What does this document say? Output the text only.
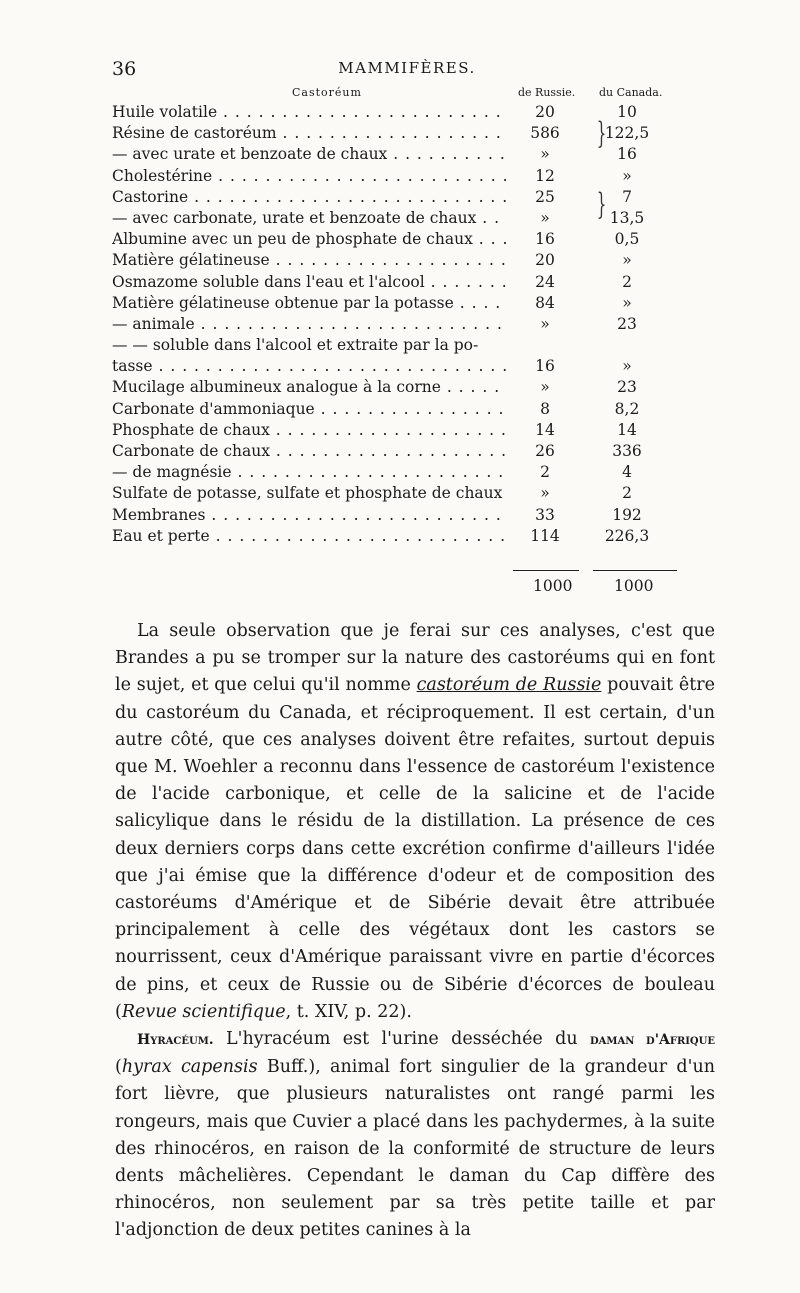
36	MAMMIFÈRES.
Castoréum	de Russie. du Canada.
Huile volatile . . .	20	10
Résine de castoréum . . .	586	122,5
— avec urate et benzoate de chaux . . .	»	16
Cholestérine . . .	12	»
Castorine . . .	25	7
— avec carbonate, urate et benzoate de chaux . . .	»	13,5
Albumine avec un peu de phosphate de chaux . . .	16	0,5
Matière gélatineuse . . .	20	»
Osmazome soluble dans l'eau et l'alcool . . .	24	2
Matière gélatineuse obtenue par la potasse . . .	84	»
— animale . . .	»	23
— — soluble dans l'alcool et extraite par la po-
tasse . . .	16	»
Mucilage albumineux analogue à la corne . . .	»	23
Carbonate d'ammoniaque . . .	8	8,2
Phosphate de chaux . . .	14	14
Carbonate de chaux . . .	26	336
— de magnésie . . .	2	4
Sulfate de potasse, sulfate et phosphate de chaux . . .	»	2
Membranes . . .	33	192
Eau et perte . . .	114	226,3
}
}
1000	1000

La seule observation que je ferai sur ces analyses, c'est que Brandes a pu se tromper sur la nature des castoréums qui en font le sujet, et que celui qu'il nomme castoréum de Russie pouvait être du castoréum du Canada, et réciproquement. Il est certain, d'un autre côté, que ces analyses doivent être refaites, surtout depuis que M. Woehler a reconnu dans l'essence de castoréum l'existence de l'acide carbonique, et celle de la salicine et de l'acide salicylique dans le résidu de la distillation. La présence de ces deux derniers corps dans cette excrétion confirme d'ailleurs l'idée que j'ai émise que la différence d'odeur et de composition des castoréums d'Amérique et de Sibérie devait être attribuée principalement à celle des végétaux dont les castors se nourrissent, ceux d'Amérique paraissant vivre en partie d'écorces de pins, et ceux de Russie ou de Sibérie d'écorces de bouleau (Revue scientifique, t. XIV, p. 22).

Hyracéum. L'hyracéum est l'urine desséchée du daman d'Afrique (hyrax capensis Buff.), animal fort singulier de la grandeur d'un fort lièvre, que plusieurs naturalistes ont rangé parmi les rongeurs, mais que Cuvier a placé dans les pachydermes, à la suite des rhinocéros, en raison de la conformité de structure de leurs dents mâchelières. Cependant le daman du Cap diffère des rhinocéros, non seulement par sa très petite taille et par l'adjonction de deux petites canines à la
